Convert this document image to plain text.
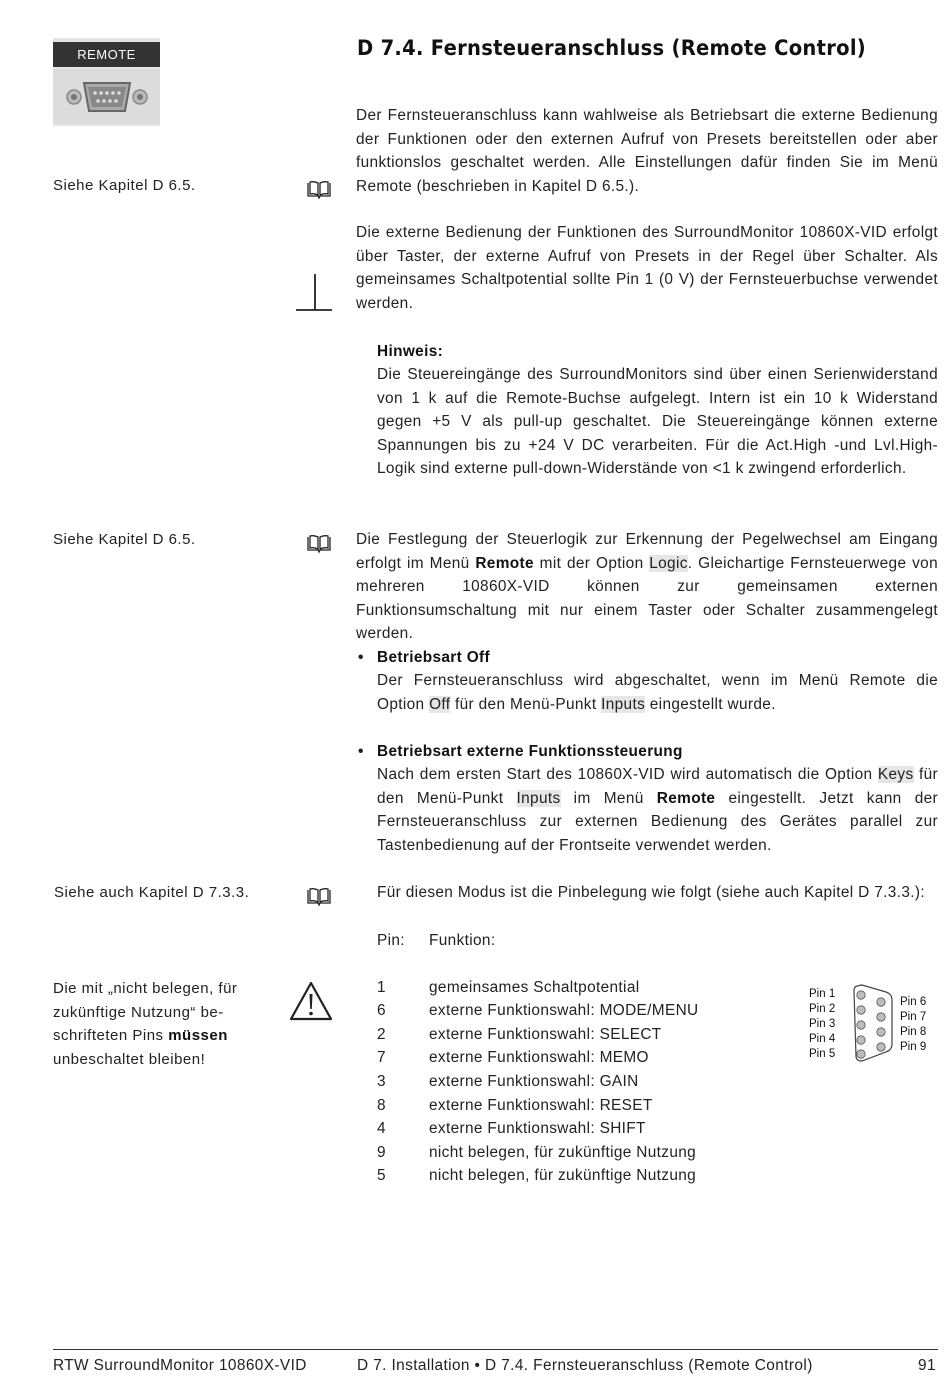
REMOTE	D 7.4. Fernsteueranschluss (Remote Control)
Der Fernsteueranschluss kann wahlweise als Betriebsart die externe Bedienung der Funktionen oder den externen Aufruf von Presets bereitstellen oder aber funktionslos geschaltet werden. Alle Einstellungen dafür finden Sie im Menü Remote (beschrieben in Kapitel D 6.5.).
Siehe Kapitel D 6.5.
Die externe Bedienung der Funktionen des SurroundMonitor 10860X-VID erfolgt über Taster, der externe Aufruf von Presets in der Regel über Schalter. Als gemeinsames Schaltpotential sollte Pin 1 (0 V) der Fernsteuerbuchse verwendet werden.
Hinweis:
Die Steuereingänge des SurroundMonitors sind über einen Serienwiderstand von 1 k auf die Remote-Buchse aufgelegt. Intern ist ein 10 k Widerstand gegen +5 V als pull-up geschaltet. Die Steuereingänge können externe Spannungen bis zu +24 V DC verarbeiten. Für die Act.High -und Lvl.High-Logik sind externe pull-down-Widerstände von <1 k zwingend erforderlich.
Siehe Kapitel D 6.5.	Die Festlegung der Steuerlogik zur Erkennung der Pegelwechsel am Eingang erfolgt im Menü Remote mit der Option Logic. Gleichartige Fernsteuerwege von mehreren 10860X-VID können zur gemeinsamen externen Funktionsumschaltung mit nur einem Taster oder Schalter zusammengelegt werden.
• Betriebsart Off
Der Fernsteueranschluss wird abgeschaltet, wenn im Menü Remote die Option Off für den Menü-Punkt Inputs eingestellt wurde.
• Betriebsart externe Funktionssteuerung
Nach dem ersten Start des 10860X-VID wird automatisch die Option Keys für den Menü-Punkt Inputs im Menü Remote eingestellt. Jetzt kann der Fernsteueranschluss zur externen Bedienung des Gerätes parallel zur Tastenbedienung auf der Frontseite verwendet werden.
Siehe auch Kapitel D 7.3.3.	Für diesen Modus ist die Pinbelegung wie folgt (siehe auch Kapitel D 7.3.3.):
Pin: Funktion:
1	gemeinsames Schaltpotential
6	externe Funktionswahl: MODE/MENU
2	externe Funktionswahl: SELECT
7	externe Funktionswahl: MEMO
3	externe Funktionswahl: GAIN
8	externe Funktionswahl: RESET
4	externe Funktionswahl: SHIFT
9	nicht belegen, für zukünftige Nutzung
5	nicht belegen, für zukünftige Nutzung
Die mit „nicht belegen, für
zukünftige Nutzung“ be-
schrifteten Pins müssen
unbeschaltet bleiben!
Pin 1
Pin 2
Pin 3
Pin 4
Pin 5
Pin 6
Pin 7
Pin 8
Pin 9
RTW SurroundMonitor 10860X-VID	D 7. Installation • D 7.4. Fernsteueranschluss (Remote Control)	91
